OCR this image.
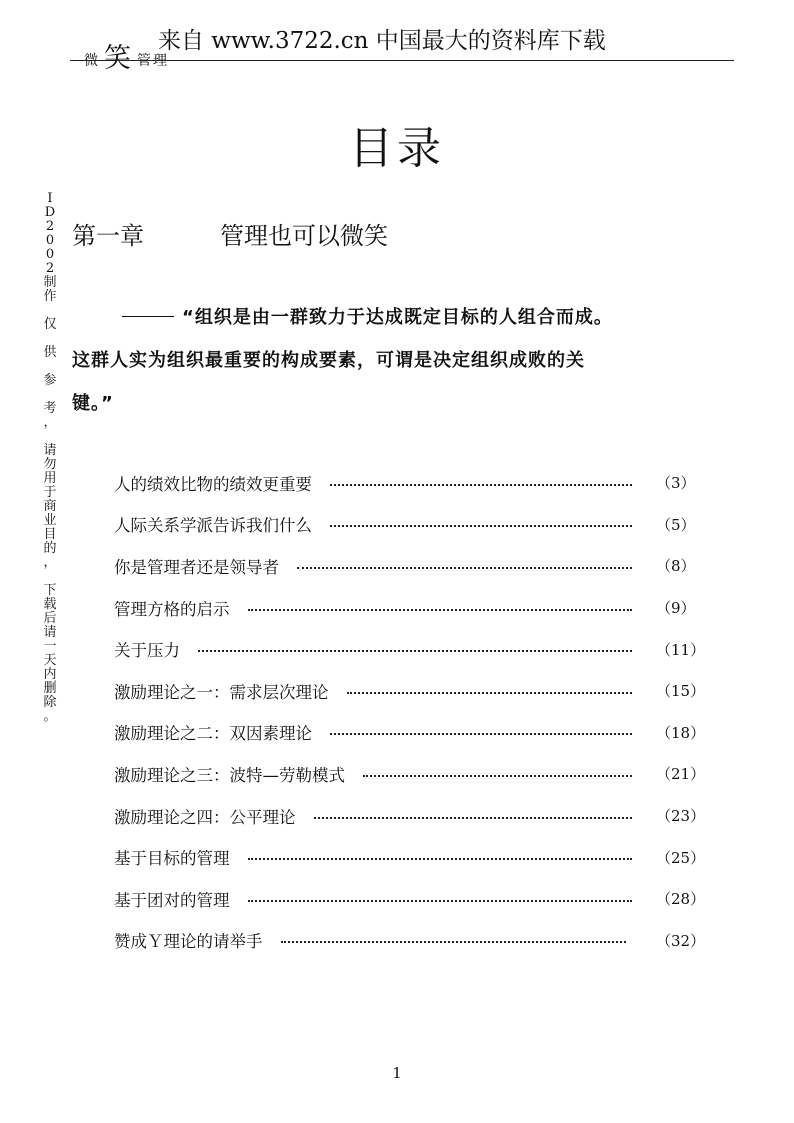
微 笑 管理
来自 www.3722.cn 中国最大的资料库下载
目录
I
D
2
0
0
2
制
作
仅
供
参
考
，
请
勿
用
于
商
业
目
的
，
下
载
后
请
一
天
内
删
除
。
第一章	管理也可以微笑
“组织是由一群致力于达成既定目标的人组合而成。
这群人实为组织最重要的构成要素，可谓是决定组织成败的关
键。”
人的绩效比物的绩效更重要	（3）
人际关系学派告诉我们什么	（5）
你是管理者还是领导者	（8）
管理方格的启示	（9）
关于压力	（11）
激励理论之一：需求层次理论	（15）
激励理论之二：双因素理论	（18）
激励理论之三：波特—劳勒模式	（21）
激励理论之四：公平理论	（23）
基于目标的管理	（25）
基于团对的管理	（28）
赞成Ｙ理论的请举手	（32）
1
